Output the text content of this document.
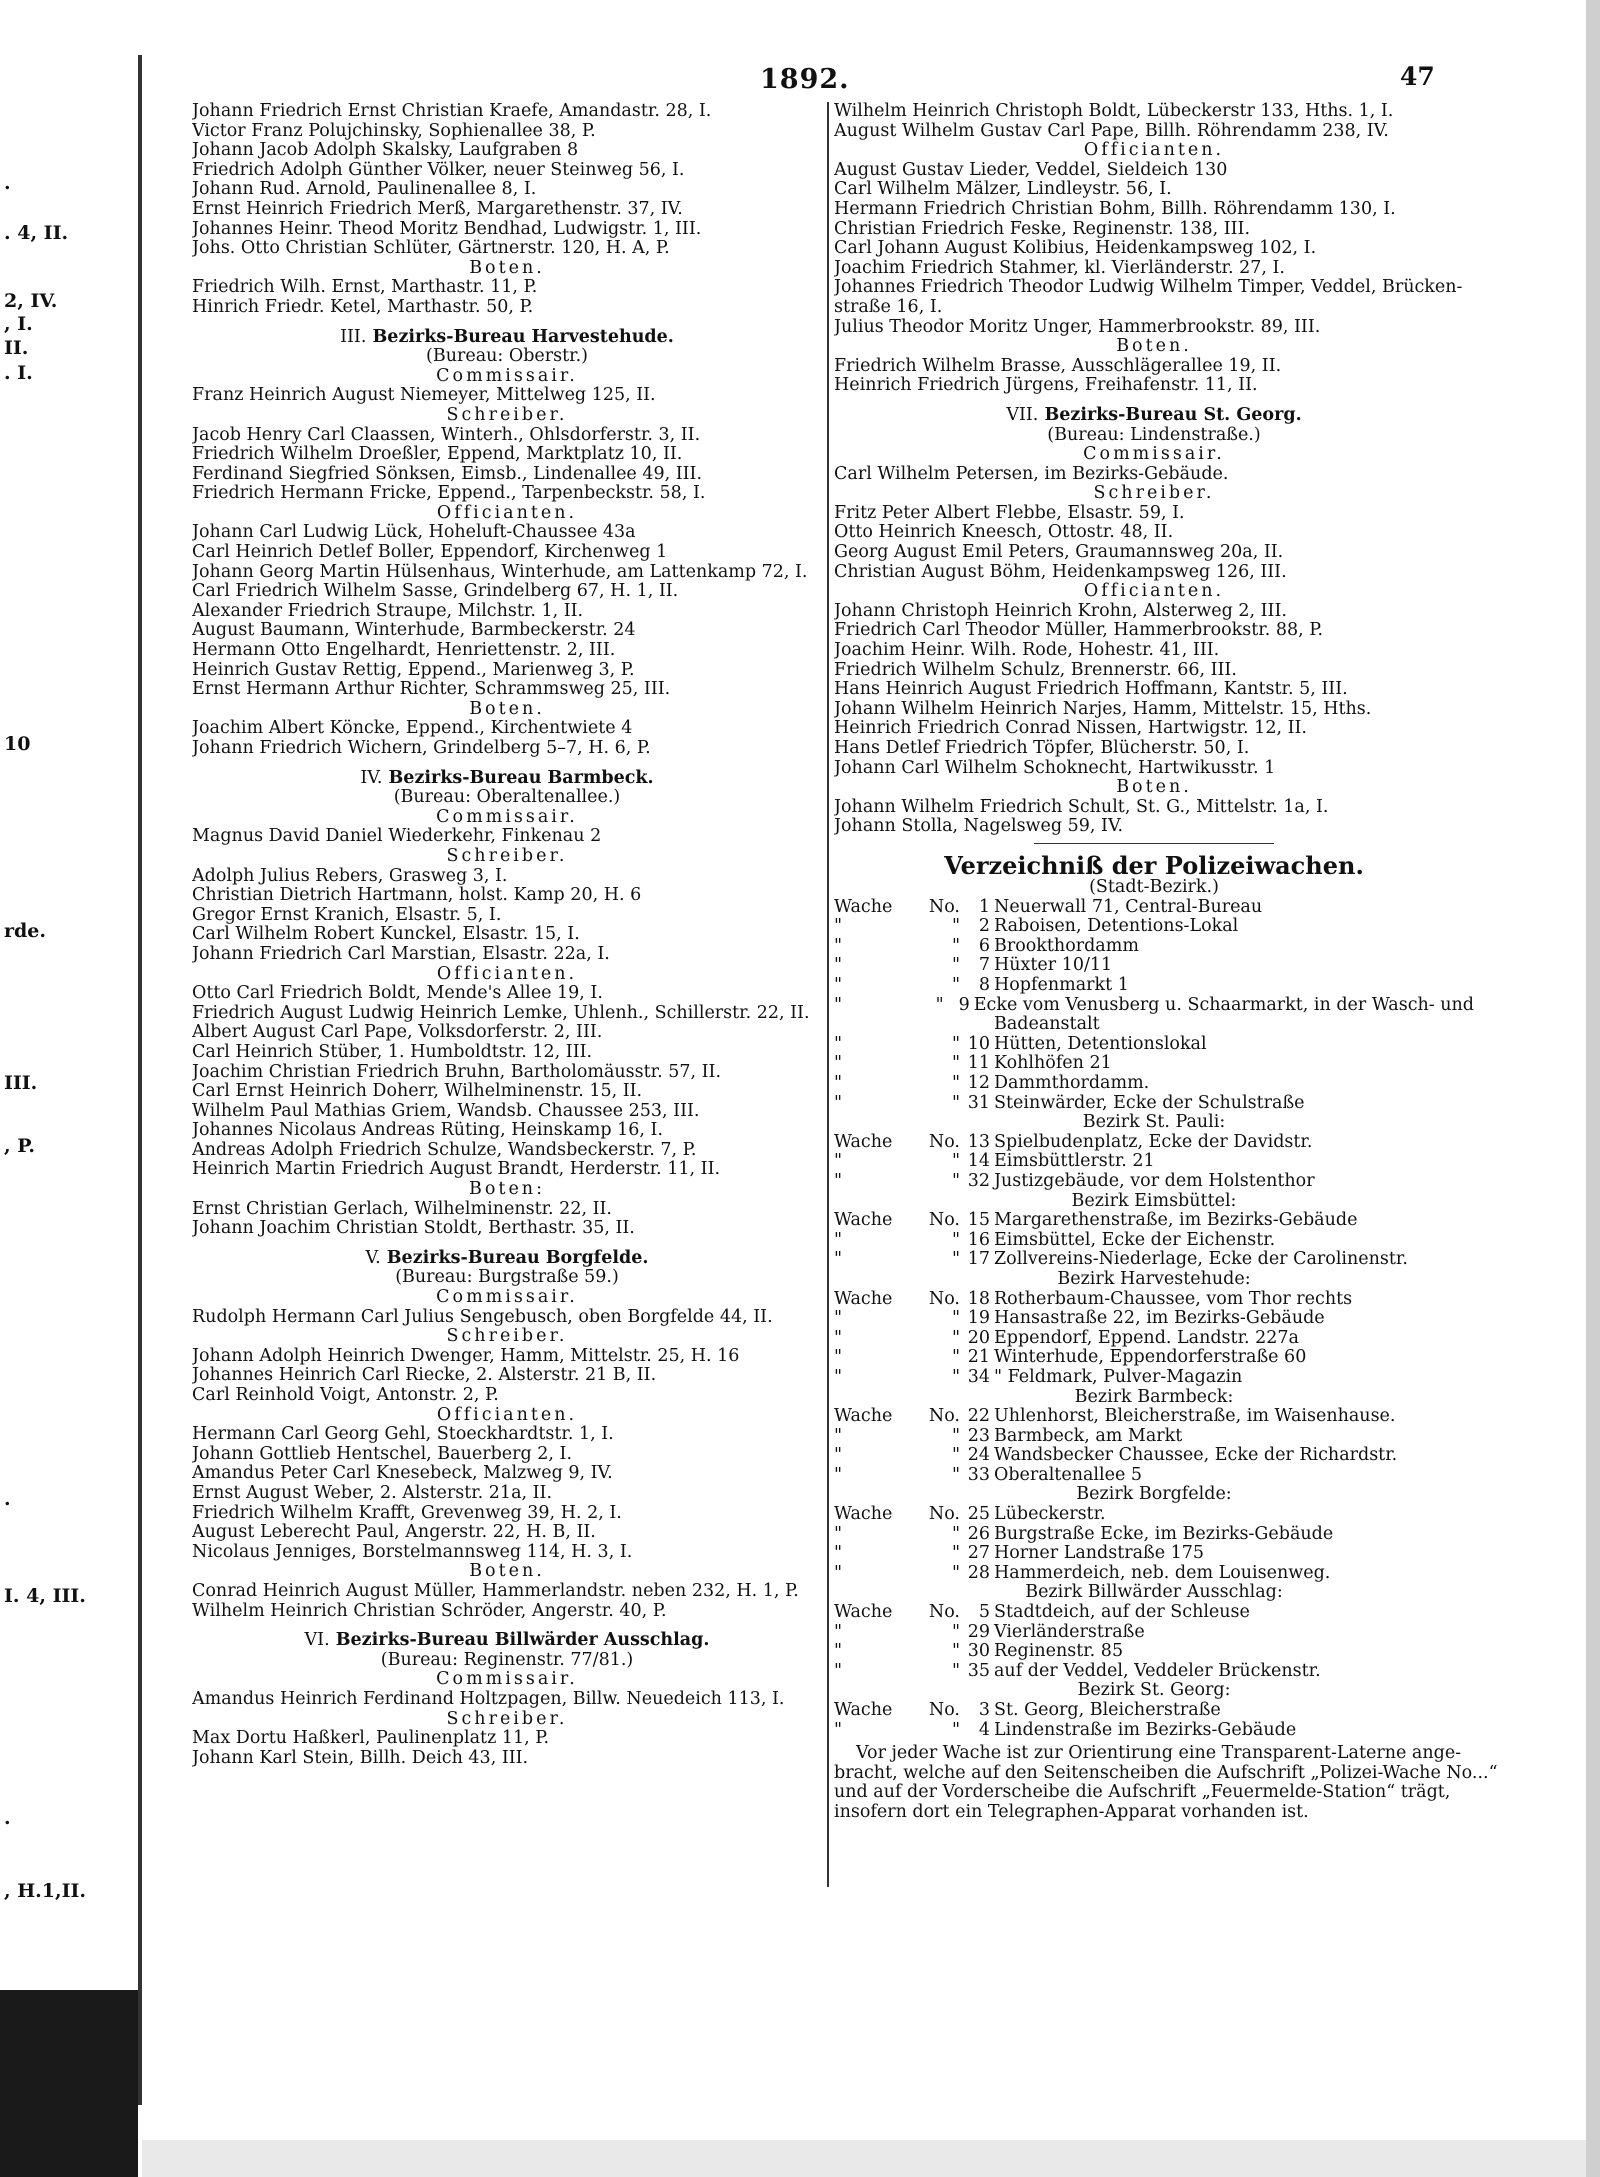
.
. 4, II.
2, IV.
, I.
II.
. I.
10
rde.
III.
, P.
.
I. 4, III.
.
, H.1,II.
1892.	47
Johann Friedrich Ernst Christian Kraefe, Amandastr. 28, I.
Victor Franz Polujchinsky, Sophienallee 38, P.
Johann Jacob Adolph Skalsky, Laufgraben 8
Friedrich Adolph Günther Völker, neuer Steinweg 56, I.
Johann Rud. Arnold, Paulinenallee 8, I.
Ernst Heinrich Friedrich Merß, Margarethenstr. 37, IV.
Johannes Heinr. Theod Moritz Bendhad, Ludwigstr. 1, III.
Johs. Otto Christian Schlüter, Gärtnerstr. 120, H. A, P.
Boten.
Friedrich Wilh. Ernst, Marthastr. 11, P.
Hinrich Friedr. Ketel, Marthastr. 50, P.
III. Bezirks-Bureau Harvestehude.
(Bureau: Oberstr.)
Commissair.
Franz Heinrich August Niemeyer, Mittelweg 125, II.
Schreiber.
Jacob Henry Carl Claassen, Winterh., Ohlsdorferstr. 3, II.
Friedrich Wilhelm Droeßler, Eppend, Marktplatz 10, II.
Ferdinand Siegfried Sönksen, Eimsb., Lindenallee 49, III.
Friedrich Hermann Fricke, Eppend., Tarpenbeckstr. 58, I.
Officianten.
Johann Carl Ludwig Lück, Hoheluft-Chaussee 43a
Carl Heinrich Detlef Boller, Eppendorf, Kirchenweg 1
Johann Georg Martin Hülsenhaus, Winterhude, am Lattenkamp 72, I.
Carl Friedrich Wilhelm Sasse, Grindelberg 67, H. 1, II.
Alexander Friedrich Straupe, Milchstr. 1, II.
August Baumann, Winterhude, Barmbeckerstr. 24
Hermann Otto Engelhardt, Henriettenstr. 2, III.
Heinrich Gustav Rettig, Eppend., Marienweg 3, P.
Ernst Hermann Arthur Richter, Schrammsweg 25, III.
Boten.
Joachim Albert Köncke, Eppend., Kirchentwiete 4
Johann Friedrich Wichern, Grindelberg 5–7, H. 6, P.
IV. Bezirks-Bureau Barmbeck.
(Bureau: Oberaltenallee.)
Commissair.
Magnus David Daniel Wiederkehr, Finkenau 2
Schreiber.
Adolph Julius Rebers, Grasweg 3, I.
Christian Dietrich Hartmann, holst. Kamp 20, H. 6
Gregor Ernst Kranich, Elsastr. 5, I.
Carl Wilhelm Robert Kunckel, Elsastr. 15, I.
Johann Friedrich Carl Marstian, Elsastr. 22a, I.
Officianten.
Otto Carl Friedrich Boldt, Mende's Allee 19, I.
Friedrich August Ludwig Heinrich Lemke, Uhlenh., Schillerstr. 22, II.
Albert August Carl Pape, Volksdorferstr. 2, III.
Carl Heinrich Stüber, 1. Humboldtstr. 12, III.
Joachim Christian Friedrich Bruhn, Bartholomäusstr. 57, II.
Carl Ernst Heinrich Doherr, Wilhelminenstr. 15, II.
Wilhelm Paul Mathias Griem, Wandsb. Chaussee 253, III.
Johannes Nicolaus Andreas Rüting, Heinskamp 16, I.
Andreas Adolph Friedrich Schulze, Wandsbeckerstr. 7, P.
Heinrich Martin Friedrich August Brandt, Herderstr. 11, II.
Boten:
Ernst Christian Gerlach, Wilhelminenstr. 22, II.
Johann Joachim Christian Stoldt, Berthastr. 35, II.
V. Bezirks-Bureau Borgfelde.
(Bureau: Burgstraße 59.)
Commissair.
Rudolph Hermann Carl Julius Sengebusch, oben Borgfelde 44, II.
Schreiber.
Johann Adolph Heinrich Dwenger, Hamm, Mittelstr. 25, H. 16
Johannes Heinrich Carl Riecke, 2. Alsterstr. 21 B, II.
Carl Reinhold Voigt, Antonstr. 2, P.
Officianten.
Hermann Carl Georg Gehl, Stoeckhardtstr. 1, I.
Johann Gottlieb Hentschel, Bauerberg 2, I.
Amandus Peter Carl Knesebeck, Malzweg 9, IV.
Ernst August Weber, 2. Alsterstr. 21a, II.
Friedrich Wilhelm Krafft, Grevenweg 39, H. 2, I.
August Leberecht Paul, Angerstr. 22, H. B, II.
Nicolaus Jenniges, Borstelmannsweg 114, H. 3, I.
Boten.
Conrad Heinrich August Müller, Hammerlandstr. neben 232, H. 1, P.
Wilhelm Heinrich Christian Schröder, Angerstr. 40, P.
VI. Bezirks-Bureau Billwärder Ausschlag.
(Bureau: Reginenstr. 77/81.)
Commissair.
Amandus Heinrich Ferdinand Holtzpagen, Billw. Neuedeich 113, I.
Schreiber.
Max Dortu Haßkerl, Paulinenplatz 11, P.
Johann Karl Stein, Billh. Deich 43, III.
Wilhelm Heinrich Christoph Boldt, Lübeckerstr 133, Hths. 1, I.
August Wilhelm Gustav Carl Pape, Billh. Röhrendamm 238, IV.
Officianten.
August Gustav Lieder, Veddel, Sieldeich 130
Carl Wilhelm Mälzer, Lindleystr. 56, I.
Hermann Friedrich Christian Bohm, Billh. Röhrendamm 130, I.
Christian Friedrich Feske, Reginenstr. 138, III.
Carl Johann August Kolibius, Heidenkampsweg 102, I.
Joachim Friedrich Stahmer, kl. Vierländerstr. 27, I.
Johannes Friedrich Theodor Ludwig Wilhelm Timper, Veddel, Brücken-
straße 16, I.
Julius Theodor Moritz Unger, Hammerbrookstr. 89, III.
Boten.
Friedrich Wilhelm Brasse, Ausschlägerallee 19, II.
Heinrich Friedrich Jürgens, Freihafenstr. 11, II.
VII. Bezirks-Bureau St. Georg.
(Bureau: Lindenstraße.)
Commissair.
Carl Wilhelm Petersen, im Bezirks-Gebäude.
Schreiber.
Fritz Peter Albert Flebbe, Elsastr. 59, I.
Otto Heinrich Kneesch, Ottostr. 48, II.
Georg August Emil Peters, Graumannsweg 20a, II.
Christian August Böhm, Heidenkampsweg 126, III.
Officianten.
Johann Christoph Heinrich Krohn, Alsterweg 2, III.
Friedrich Carl Theodor Müller, Hammerbrookstr. 88, P.
Joachim Heinr. Wilh. Rode, Hohestr. 41, III.
Friedrich Wilhelm Schulz, Brennerstr. 66, III.
Hans Heinrich August Friedrich Hoffmann, Kantstr. 5, III.
Johann Wilhelm Heinrich Narjes, Hamm, Mittelstr. 15, Hths.
Heinrich Friedrich Conrad Nissen, Hartwigstr. 12, II.
Hans Detlef Friedrich Töpfer, Blücherstr. 50, I.
Johann Carl Wilhelm Schoknecht, Hartwikusstr. 1
Boten.
Johann Wilhelm Friedrich Schult, St. G., Mittelstr. 1a, I.
Johann Stolla, Nagelsweg 59, IV.
Verzeichniß der Polizeiwachen.
(Stadt-Bezirk.)
Wache	No.	1 Neuerwall 71, Central-Bureau
"	"	2 Raboisen, Detentions-Lokal
"	"	6 Brookthordamm
"	"	7 Hüxter 10/11
"	"	8 Hopfenmarkt 1
"	" 9 Ecke vom Venusberg u. Schaarmarkt, in der Wasch- und
Badeanstalt
"	" 10 Hütten, Detentionslokal
"	" 11 Kohlhöfen 21
"	" 12 Dammthordamm.
"	" 31 Steinwärder, Ecke der Schulstraße
Bezirk St. Pauli:
Wache	No. 13 Spielbudenplatz, Ecke der Davidstr.
"	" 14 Eimsbüttlerstr. 21
"	" 32 Justizgebäude, vor dem Holstenthor
Bezirk Eimsbüttel:
Wache	No. 15 Margarethenstraße, im Bezirks-Gebäude
"	" 16 Eimsbüttel, Ecke der Eichenstr.
"	" 17 Zollvereins-Niederlage, Ecke der Carolinenstr.
Bezirk Harvestehude:
Wache	No. 18 Rotherbaum-Chaussee, vom Thor rechts
"	" 19 Hansastraße 22, im Bezirks-Gebäude
"	" 20 Eppendorf, Eppend. Landstr. 227a
"	" 21 Winterhude, Eppendorferstraße 60
"	" 34 " Feldmark, Pulver-Magazin
Bezirk Barmbeck:
Wache	No. 22 Uhlenhorst, Bleicherstraße, im Waisenhause.
"	" 23 Barmbeck, am Markt
"	" 24 Wandsbecker Chaussee, Ecke der Richardstr.
"	" 33 Oberaltenallee 5
Bezirk Borgfelde:
Wache	No. 25 Lübeckerstr.
"	" 26 Burgstraße Ecke, im Bezirks-Gebäude
"	" 27 Horner Landstraße 175
"	" 28 Hammerdeich, neb. dem Louisenweg.
Bezirk Billwärder Ausschlag:
Wache	No.	5 Stadtdeich, auf der Schleuse
"	" 29 Vierländerstraße
"	" 30 Reginenstr. 85
"	" 35 auf der Veddel, Veddeler Brückenstr.
Bezirk St. Georg:
Wache	No.	3 St. Georg, Bleicherstraße
"	"	4 Lindenstraße im Bezirks-Gebäude
Vor jeder Wache ist zur Orientirung eine Transparent-Laterne ange-
bracht, welche auf den Seitenscheiben die Aufschrift „Polizei-Wache No...“
und auf der Vorderscheibe die Aufschrift „Feuermelde-Station“ trägt,
insofern dort ein Telegraphen-Apparat vorhanden ist.
